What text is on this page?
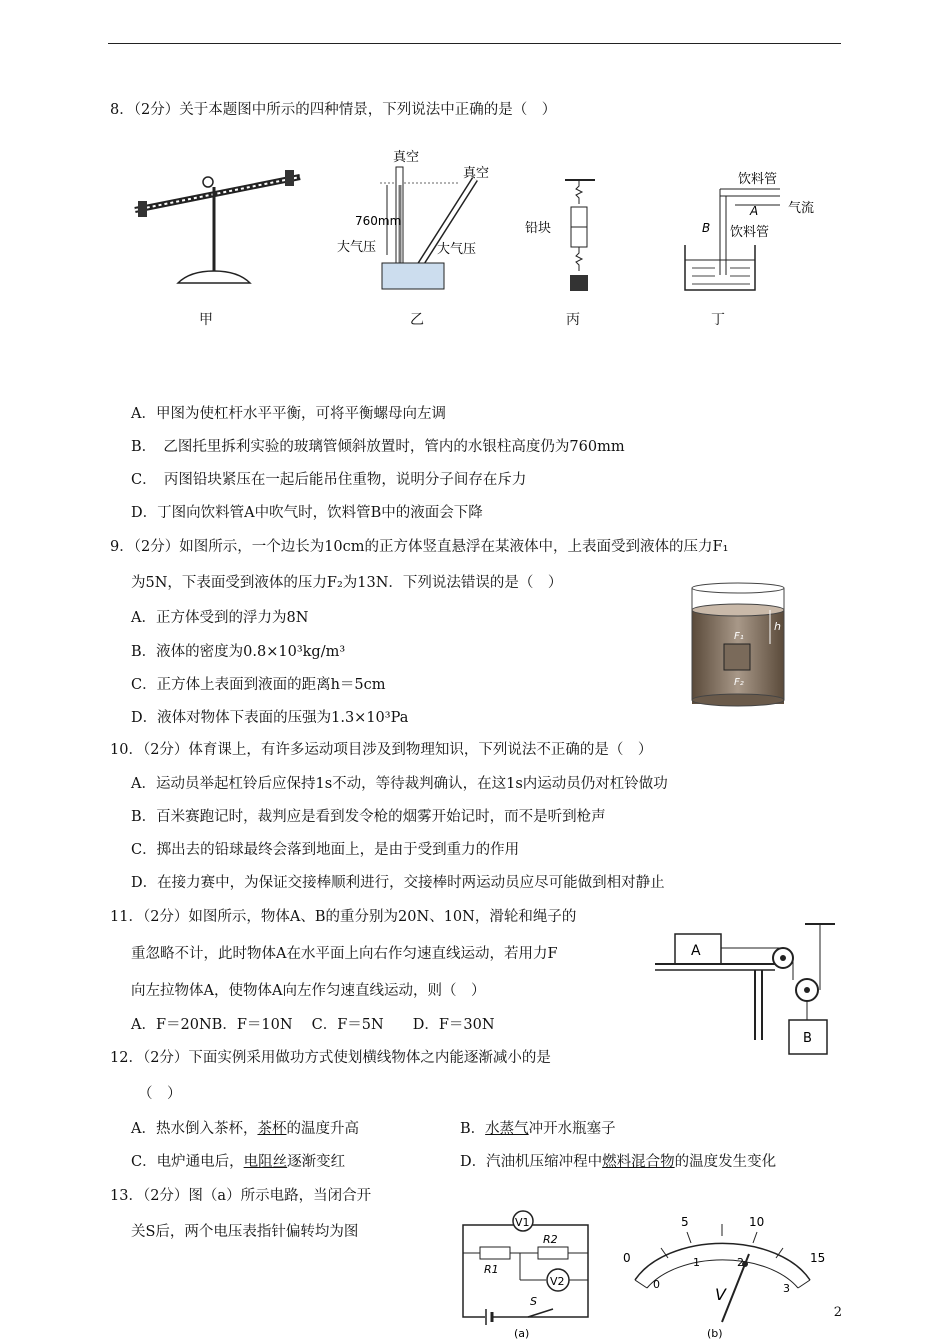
8．（2分）关于本题图中所示的四种情景，下列说法中正确的是（　）
甲
真空
真空
760mm
大气压	大气压
乙
铅块
丙
饮料管
A 气流
B 饮料管
丁
A．甲图为使杠杆水平平衡，可将平衡螺母向左调
B．　乙图托里拆利实验的玻璃管倾斜放置时，管内的水银柱高度仍为760mm
C．　丙图铅块紧压在一起后能吊住重物，说明分子间存在斥力
D．丁图向饮料管A中吹气时，饮料管B中的液面会下降
9．（2分）如图所示，一个边长为10cm的正方体竖直悬浮在某液体中，上表面受到液体的压力F₁
为5N，下表面受到液体的压力F₂为13N．下列说法错误的是（　）
A．正方体受到的浮力为8N
B．液体的密度为0.8×10³kg/m³
C．正方体上表面到液面的距离h＝5cm
D．液体对物体下表面的压强为1.3×10³Pa
h
F₁
F₂
10．（2分）体育课上，有许多运动项目涉及到物理知识，下列说法不正确的是（　）
A．运动员举起杠铃后应保持1s不动，等待裁判确认，在这1s内运动员仍对杠铃做功
B．百米赛跑记时，裁判应是看到发令枪的烟雾开始记时，而不是听到枪声
C．掷出去的铅球最终会落到地面上，是由于受到重力的作用
D．在接力赛中，为保证交接棒顺利进行，交接棒时两运动员应尽可能做到相对静止
11．（2分）如图所示，物体A、B的重分别为20N、10N，滑轮和绳子的
重忽略不计，此时物体A在水平面上向右作匀速直线运动，若用力F
向左拉物体A，使物体A向左作匀速直线运动，则（　）
A．F＝20NB．F＝10N　 C．F＝5N　　D．F＝30N
A
B
12．（2分）下面实例采用做功方式使划横线物体之内能逐渐减小的是
（　）
A．热水倒入茶杯，茶杯的温度升高	B．水蒸气冲开水瓶塞子
C．电炉通电后，电阻丝逐渐变红	D．汽油机压缩冲程中燃料混合物的温度发生变化
13．（2分）图（a）所示电路，当闭合开
关S后，两个电压表指针偏转均为图
V1
R2
R1
V2
S
(a)
0
5	10
15
0
1	2
3
V
(b)
2
